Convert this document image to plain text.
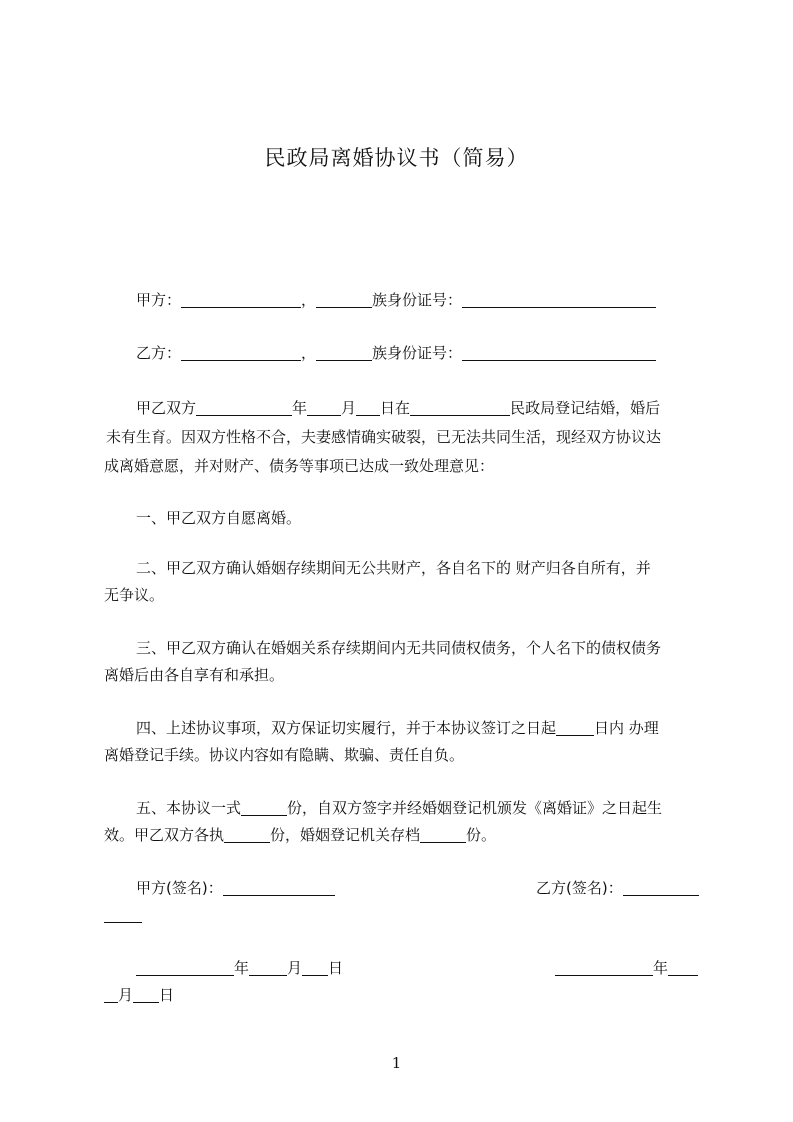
民政局离婚协议书（简易）
甲方：	，	族身份证号：
乙方：	，	族身份证号：
甲乙双方	年 月 日在	民政局登记结婚，婚后
未有生育。因双方性格不合，夫妻感情确实破裂，已无法共同生活，现经双方协议达
成离婚意愿，并对财产、债务等事项已达成一致处理意见：
一、甲乙双方自愿离婚。
二、甲乙双方确认婚姻存续期间无公共财产，各自名下的 财产归各自所有，并
无争议。
三、甲乙双方确认在婚姻关系存续期间内无共同债权债务，个人名下的债权债务
离婚后由各自享有和承担。
四、上述协议事项，双方保证切实履行，并于本协议签订之日起	日内 办理
离婚登记手续。协议内容如有隐瞒、欺骗、责任自负。
五、本协议一式	份，自双方签字并经婚姻登记机颁发《离婚证》之日起生
效。甲乙双方各执	份，婚姻登记机关存档	份。
甲方(签名)：	乙方(签名)：
年	月 日	年
月 日
1
